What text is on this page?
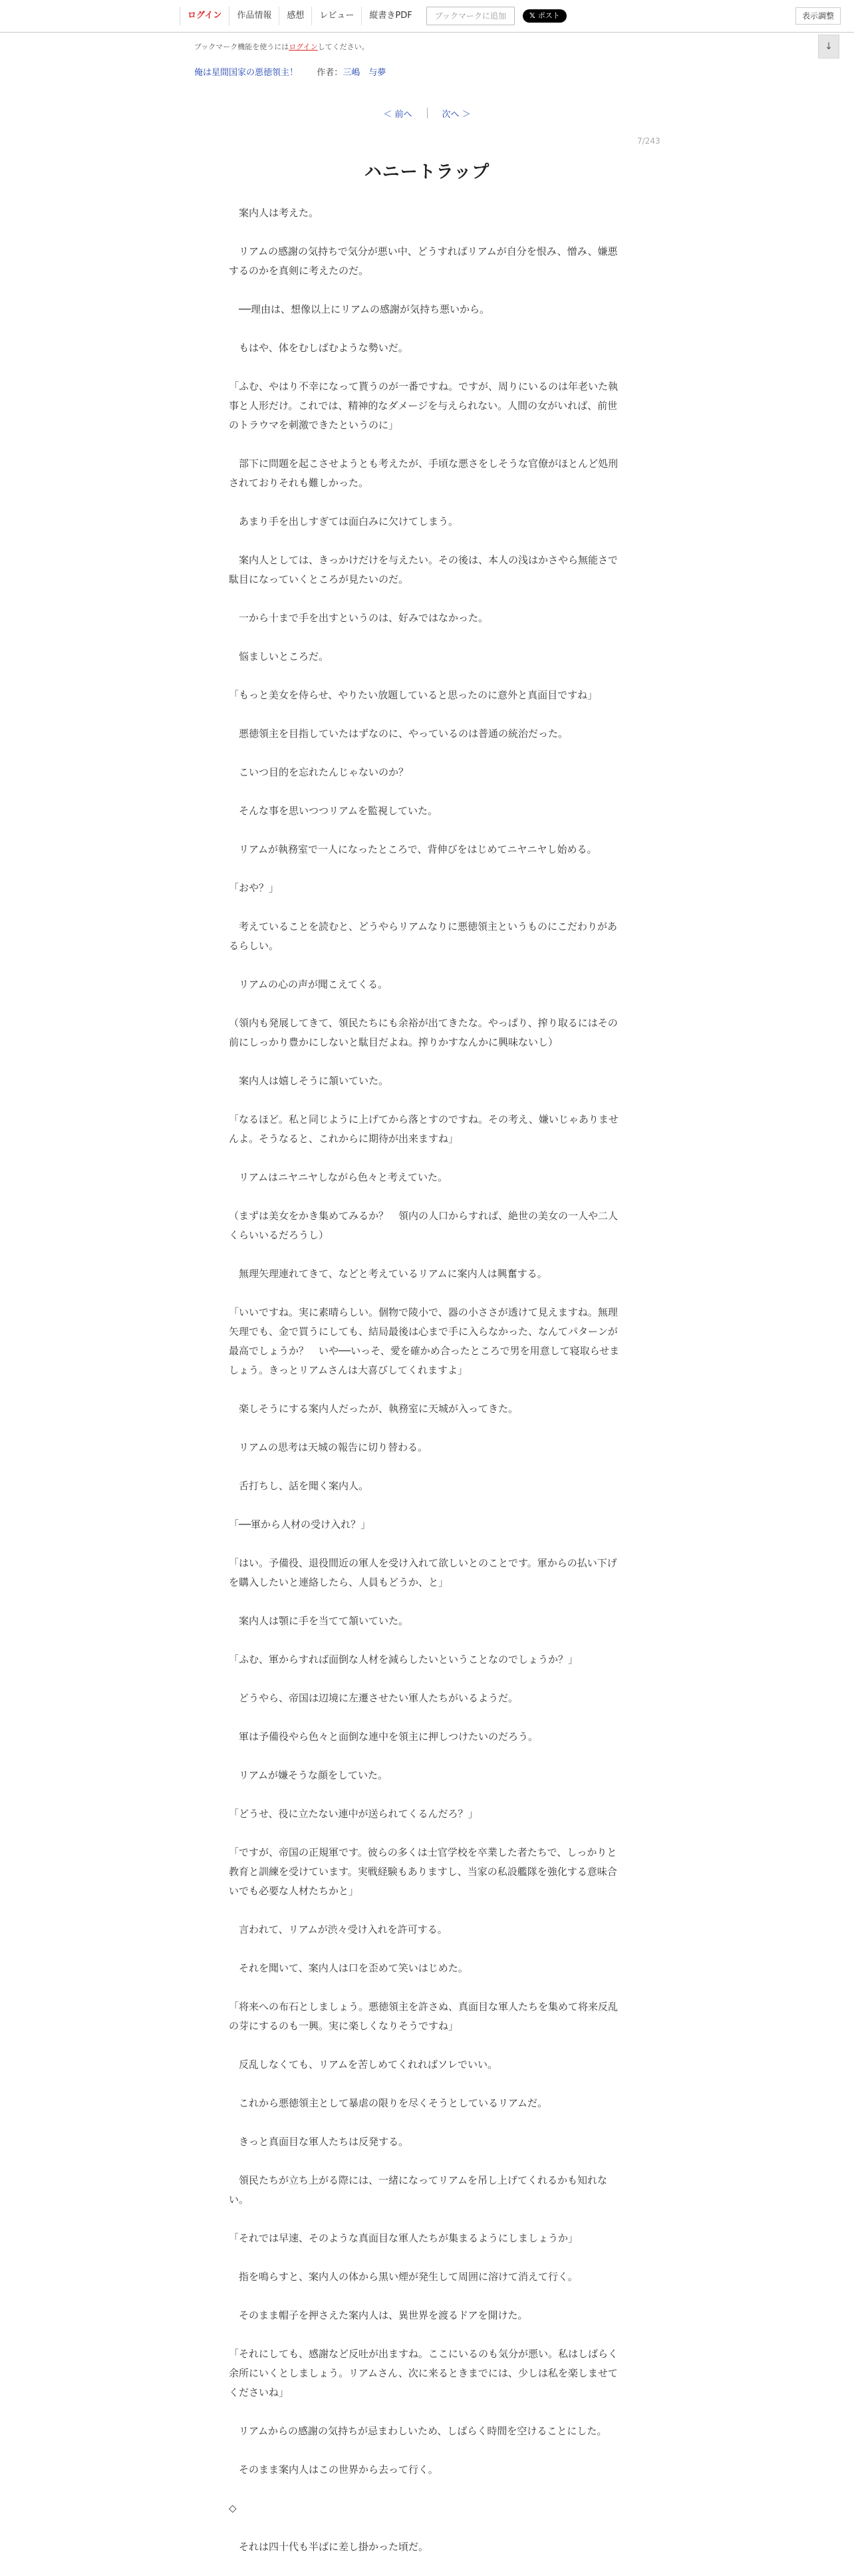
ログイン	作品情報	感想	レビュー	縦書きPDF	ブックマークに追加	𝕏 ポスト	表示調整
↓
ブックマーク機能を使うにはログインしてください。
俺は星間国家の悪徳領主！ 作者：三嶋　与夢
＜ 前へ	次へ ＞
7/243
ハニートラップ

　案内人は考えた。

　リアムの感謝の気持ちで気分が悪い中、どうすればリアムが自分を恨み、憎み、嫌悪するのかを真剣に考えたのだ。

　──理由は、想像以上にリアムの感謝が気持ち悪いから。

　もはや、体をむしばむような勢いだ。

「ふむ、やはり不幸になって貰うのが一番ですね。ですが、周りにいるのは年老いた執事と人形だけ。これでは、精神的なダメージを与えられない。人間の女がいれば、前世のトラウマを刺激できたというのに」

　部下に問題を起こさせようとも考えたが、手頃な悪さをしそうな官僚がほとんど処刑されておりそれも難しかった。

　あまり手を出しすぎては面白みに欠けてしまう。

　案内人としては、きっかけだけを与えたい。その後は、本人の浅はかさやら無能さで駄目になっていくところが見たいのだ。

　一から十まで手を出すというのは、好みではなかった。

　悩ましいところだ。

「もっと美女を侍らせ、やりたい放題していると思ったのに意外と真面目ですね」

　悪徳領主を目指していたはずなのに、やっているのは普通の統治だった。

　こいつ目的を忘れたんじゃないのか？

　そんな事を思いつつリアムを監視していた。

　リアムが執務室で一人になったところで、背伸びをはじめてニヤニヤし始める。

「おや？」

　考えていることを読むと、どうやらリアムなりに悪徳領主というものにこだわりがあるらしい。

　リアムの心の声が聞こえてくる。

（領内も発展してきて、領民たちにも余裕が出てきたな。やっぱり、搾り取るにはその前にしっかり豊かにしないと駄目だよね。搾りかすなんかに興味ないし）

　案内人は嬉しそうに頷いていた。

「なるほど。私と同じように上げてから落とすのですね。その考え、嫌いじゃありませんよ。そうなると、これからに期待が出来ますね」

　リアムはニヤニヤしながら色々と考えていた。

（まずは美女をかき集めてみるか？　領内の人口からすれば、絶世の美女の一人や二人くらいいるだろうし）

　無理矢理連れてきて、などと考えているリアムに案内人は興奮する。

「いいですね。実に素晴らしい。個物で陵小で、器の小ささが透けて見えますね。無理矢理でも、金で買うにしても、結局最後は心まで手に入らなかった、なんてパターンが最高でしょうか？　いや──いっそ、愛を確かめ合ったところで男を用意して寝取らせましょう。きっとリアムさんは大喜びしてくれますよ」

　楽しそうにする案内人だったが、執務室に天城が入ってきた。

　リアムの思考は天城の報告に切り替わる。

　舌打ちし、話を聞く案内人。

「──軍から人材の受け入れ？」

「はい。予備役、退役間近の軍人を受け入れて欲しいとのことです。軍からの払い下げを購入したいと連絡したら、人員もどうか、と」

　案内人は顎に手を当てて頷いていた。

「ふむ、軍からすれば面倒な人材を減らしたいということなのでしょうか？」

　どうやら、帝国は辺境に左遷させたい軍人たちがいるようだ。

　軍は予備役やら色々と面倒な連中を領主に押しつけたいのだろう。

　リアムが嫌そうな顔をしていた。

「どうせ、役に立たない連中が送られてくるんだろ？」

「ですが、帝国の正規軍です。彼らの多くは士官学校を卒業した者たちで、しっかりと教育と訓練を受けています。実戦経験もありますし、当家の私設艦隊を強化する意味合いでも必要な人材たちかと」

　言われて、リアムが渋々受け入れを許可する。

　それを聞いて、案内人は口を歪めて笑いはじめた。

「将来への布石としましょう。悪徳領主を許さぬ、真面目な軍人たちを集めて将来反乱の芽にするのも一興。実に楽しくなりそうですね」

　反乱しなくても、リアムを苦しめてくれればソレでいい。

　これから悪徳領主として暴虐の限りを尽くそうとしているリアムだ。

　きっと真面目な軍人たちは反発する。

　領民たちが立ち上がる際には、一緒になってリアムを吊し上げてくれるかも知れない。

「それでは早速、そのような真面目な軍人たちが集まるようにしましょうか」

　指を鳴らすと、案内人の体から黒い煙が発生して周囲に溶けて消えて行く。

　そのまま帽子を押さえた案内人は、異世界を渡るドアを開けた。

「それにしても、感謝など反吐が出ますね。ここにいるのも気分が悪い。私はしばらく余所にいくとしましょう。リアムさん、次に来るときまでには、少しは私を楽しませてくださいね」

　リアムからの感謝の気持ちが忌まわしいため、しばらく時間を空けることにした。

　そのまま案内人はこの世界から去って行く。

◇

　それは四十代も半ばに差し掛かった頃だ。
